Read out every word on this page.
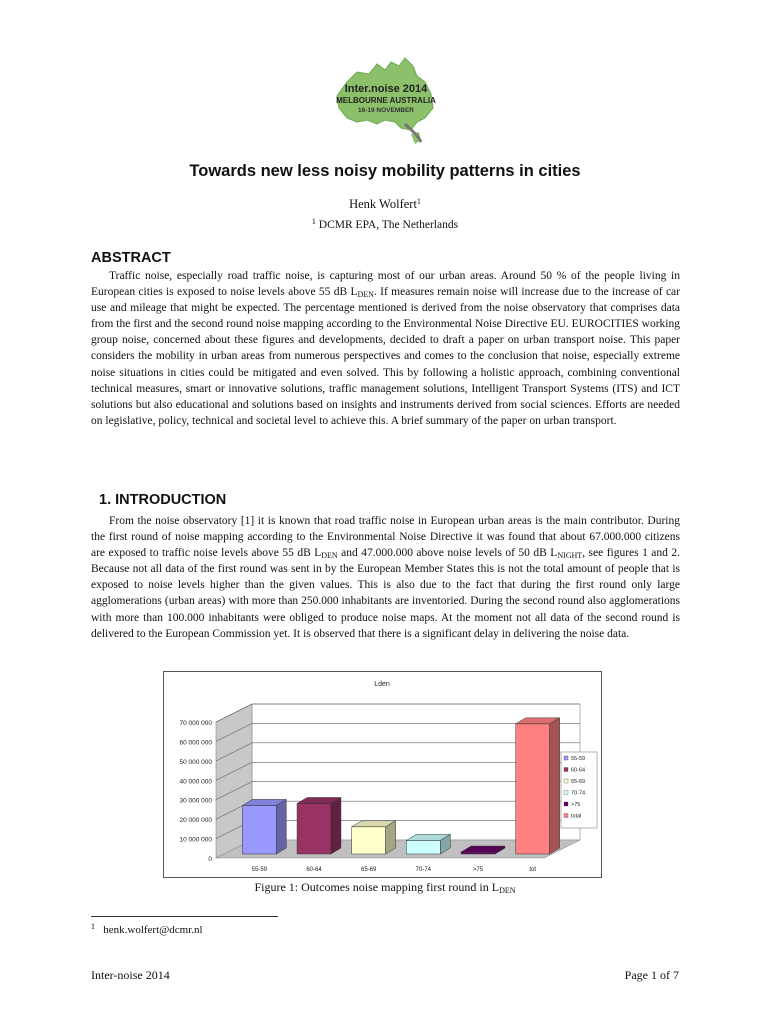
Inter.noise 2014
MELBOURNE AUSTRALIA
16-19 NOVEMBER
Towards new less noisy mobility patterns in cities
Henk Wolfert$^1$
$^1$ DCMR EPA, The Netherlands
ABSTRACT
Traffic noise, especially road traffic noise, is capturing most of our urban areas. Around 50 % of the people living in European cities is exposed to noise levels above 55 dB $L_{DEN}$. If measures remain noise will increase due to the increase of car use and mileage that might be expected. The percentage mentioned is derived from the noise observatory that comprises data from the first and the second round noise mapping according to the Environmental Noise Directive EU. EUROCITIES working group noise, concerned about these figures and developments, decided to draft a paper on urban transport noise. This paper considers the mobility in urban areas from numerous perspectives and comes to the conclusion that noise, especially extreme noise situations in cities could be mitigated and even solved. This by following a holistic approach, combining conventional technical measures, smart or innovative solutions, traffic management solutions, Intelligent Transport Systems (ITS) and ICT solutions but also educational and solutions based on insights and instruments derived from social sciences. Efforts are needed on legislative, policy, technical and societal level to achieve this. A brief summary of the paper on urban transport.
1. INTRODUCTION
From the noise observatory [1] it is known that road traffic noise in European urban areas is the main contributor. During the first round of noise mapping according to the Environmental Noise Directive it was found that about 67.000.000 citizens are exposed to traffic noise levels above 55 dB $L_{DEN}$ and 47.000.000 above noise levels of 50 dB $L_{NIGHT}$, see figures 1 and 2. Because not all data of the first round was sent in by the European Member States this is not the total amount of people that is exposed to noise levels higher than the given values. This is also due to the fact that during the first round only large agglomerations (urban areas) with more than 250.000 inhabitants are inventoried. During the second round also agglomerations with more than 100.000 inhabitants were obliged to produce noise maps. At the moment not all data of the second round is delivered to the European Commission yet. It is observed that there is a significant delay in delivering the noise data.
Lden
0
10 000 000
20 000 000
30 000 000
40 000 000
50 000 000
60 000 000
70 000 000
55-59	60-64	65-69	70-74	>75	tot
55-59
60-64
65-69
70-74
>75
total
Figure 1: Outcomes noise mapping first round in $L_{DEN}$
$^1$ henk.wolfert@dcmr.nl
Inter-noise 2014	Page 1 of 7
